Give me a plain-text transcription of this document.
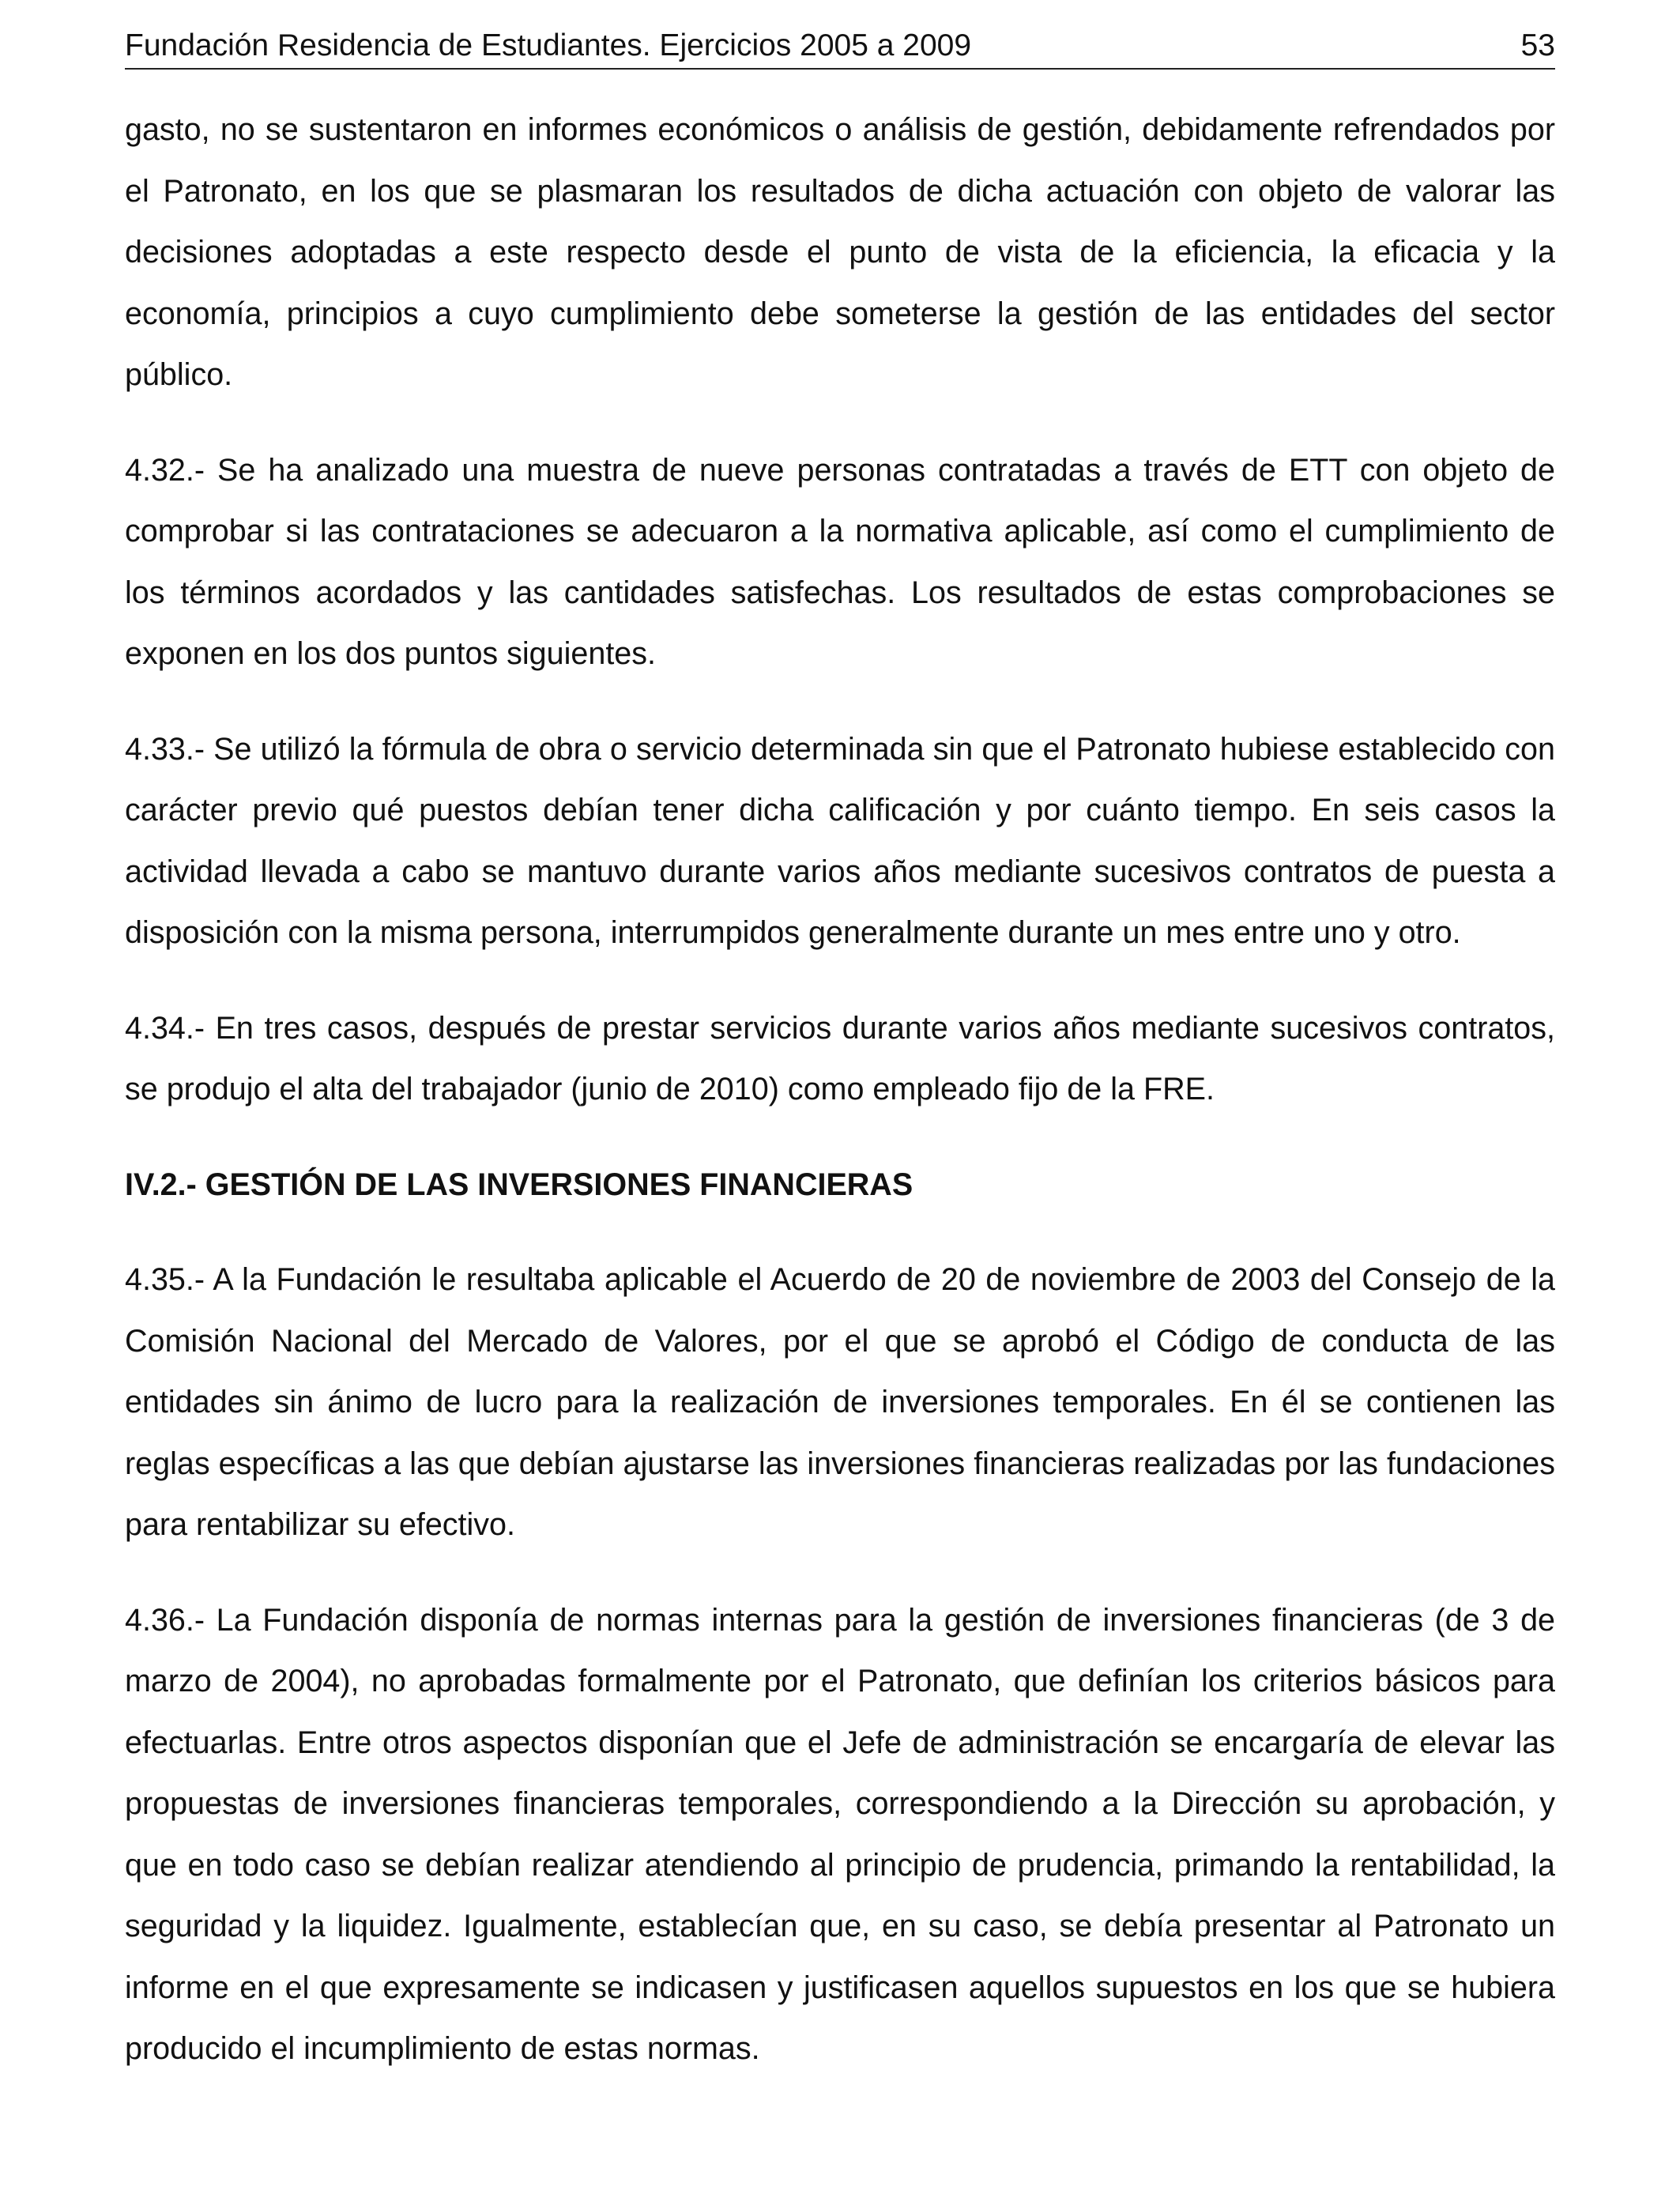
Fundación Residencia de Estudiantes. Ejercicios 2005 a 2009	53

gasto, no se sustentaron en informes económicos o análisis de gestión, debidamente refrendados por el Patronato, en los que se plasmaran los resultados de dicha actuación con objeto de valorar las decisiones adoptadas a este respecto desde el punto de vista de la eficiencia, la eficacia y la economía, principios a cuyo cumplimiento debe someterse la gestión de las entidades del sector público.

4.32.- Se ha analizado una muestra de nueve personas contratadas a través de ETT con objeto de comprobar si las contrataciones se adecuaron a la normativa aplicable, así como el cumplimiento de los términos acordados y las cantidades satisfechas. Los resultados de estas comprobaciones se exponen en los dos puntos siguientes.

4.33.- Se utilizó la fórmula de obra o servicio determinada sin que el Patronato hubiese establecido con carácter previo qué puestos debían tener dicha calificación y por cuánto tiempo. En seis casos la actividad llevada a cabo se mantuvo durante varios años mediante sucesivos contratos de puesta a disposición con la misma persona, interrumpidos generalmente durante un mes entre uno y otro.

4.34.- En tres casos, después de prestar servicios durante varios años mediante sucesivos contratos, se produjo el alta del trabajador (junio de 2010) como empleado fijo de la FRE.

IV.2.- GESTIÓN DE LAS INVERSIONES FINANCIERAS

4.35.- A la Fundación le resultaba aplicable el Acuerdo de 20 de noviembre de 2003 del Consejo de la Comisión Nacional del Mercado de Valores, por el que se aprobó el Código de conducta de las entidades sin ánimo de lucro para la realización de inversiones temporales. En él se contienen las reglas específicas a las que debían ajustarse las inversiones financieras realizadas por las fundaciones para rentabilizar su efectivo.

4.36.- La Fundación disponía de normas internas para la gestión de inversiones financieras (de 3 de marzo de 2004), no aprobadas formalmente por el Patronato, que definían los criterios básicos para efectuarlas. Entre otros aspectos disponían que el Jefe de administración se encargaría de elevar las propuestas de inversiones financieras temporales, correspondiendo a la Dirección su aprobación, y que en todo caso se debían realizar atendiendo al principio de prudencia, primando la rentabilidad, la seguridad y la liquidez. Igualmente, establecían que, en su caso, se debía presentar al Patronato un informe en el que expresamente se indicasen y justificasen aquellos supuestos en los que se hubiera producido el incumplimiento de estas normas.
